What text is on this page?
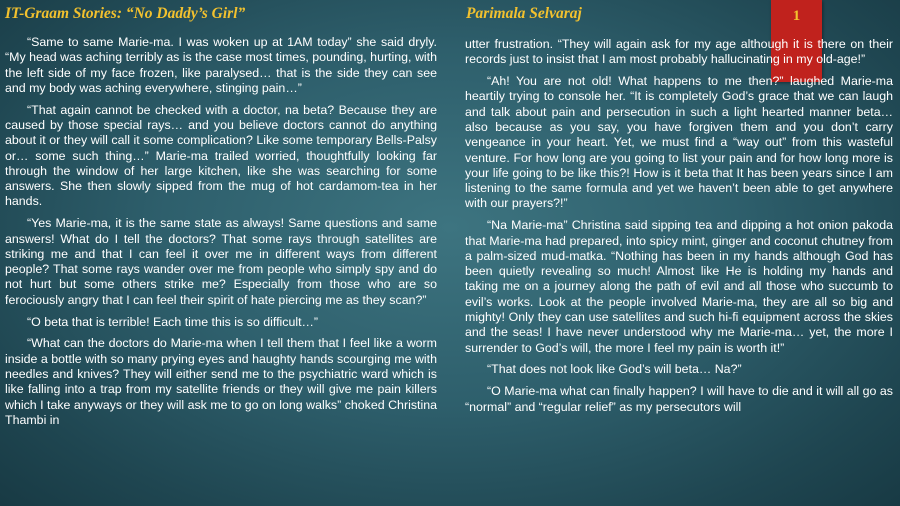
IT-Graam Stories: “No Daddy’s Girl”	Parimala Selvaraj	1

“Same to same Marie-ma. I was woken up at 1AM today” she said dryly. “My head was aching terribly as is the case most times, pounding, hurting, with the left side of my face frozen, like paralysed… that is the side they can see and my body was aching everywhere, stinging pain…”

“That again cannot be checked with a doctor, na beta? Because they are caused by those special rays… and you believe doctors cannot do anything about it or they will call it some complication? Like some temporary Bells-Palsy or… some such thing…” Marie-ma trailed worried, thoughtfully looking far through the window of her large kitchen, like she was searching for some answers. She then slowly sipped from the mug of hot cardamom-tea in her hands.

“Yes Marie-ma, it is the same state as always! Same questions and same answers! What do I tell the doctors? That some rays through satellites are striking me and that I can feel it over me in different ways from different people? That some rays wander over me from people who simply spy and do not hurt but some others strike me? Especially from those who are so ferociously angry that I can feel their spirit of hate piercing me as they scan?”

“O beta that is terrible! Each time this is so difficult…”

“What can the doctors do Marie-ma when I tell them that I feel like a worm inside a bottle with so many prying eyes and haughty hands scourging me with needles and knives? They will either send me to the psychiatric ward which is like falling into a trap from my satellite friends or they will give me pain killers which I take anyways or they will ask me to go on long walks” choked Christina Thambi in

utter frustration. “They will again ask for my age although it is there on their records just to insist that I am most probably hallucinating in my old-age!”

“Ah! You are not old! What happens to me then?” laughed Marie-ma heartily trying to console her. “It is completely God’s grace that we can laugh and talk about pain and persecution in such a light hearted manner beta… also because as you say, you have forgiven them and you don’t carry vengeance in your heart. Yet, we must find a “way out” from this wasteful venture. For how long are you going to list your pain and for how long more is your life going to be like this?! How is it beta that It has been years since I am listening to the same formula and yet we haven’t been able to get anywhere with our prayers?!”

“Na Marie-ma” Christina said sipping tea and dipping a hot onion pakoda that Marie-ma had prepared, into spicy mint, ginger and coconut chutney from a palm-sized mud-matka. “Nothing has been in my hands although God has been quietly revealing so much! Almost like He is holding my hands and taking me on a journey along the path of evil and all those who succumb to evil’s works. Look at the people involved Marie-ma, they are all so big and mighty! Only they can use satellites and such hi-fi equipment across the skies and the seas! I have never understood why me Marie-ma… yet, the more I surrender to God’s will, the more I feel my pain is worth it!”

“That does not look like God’s will beta… Na?”

“O Marie-ma what can finally happen? I will have to die and it will all go as “normal” and “regular relief” as my persecutors will
